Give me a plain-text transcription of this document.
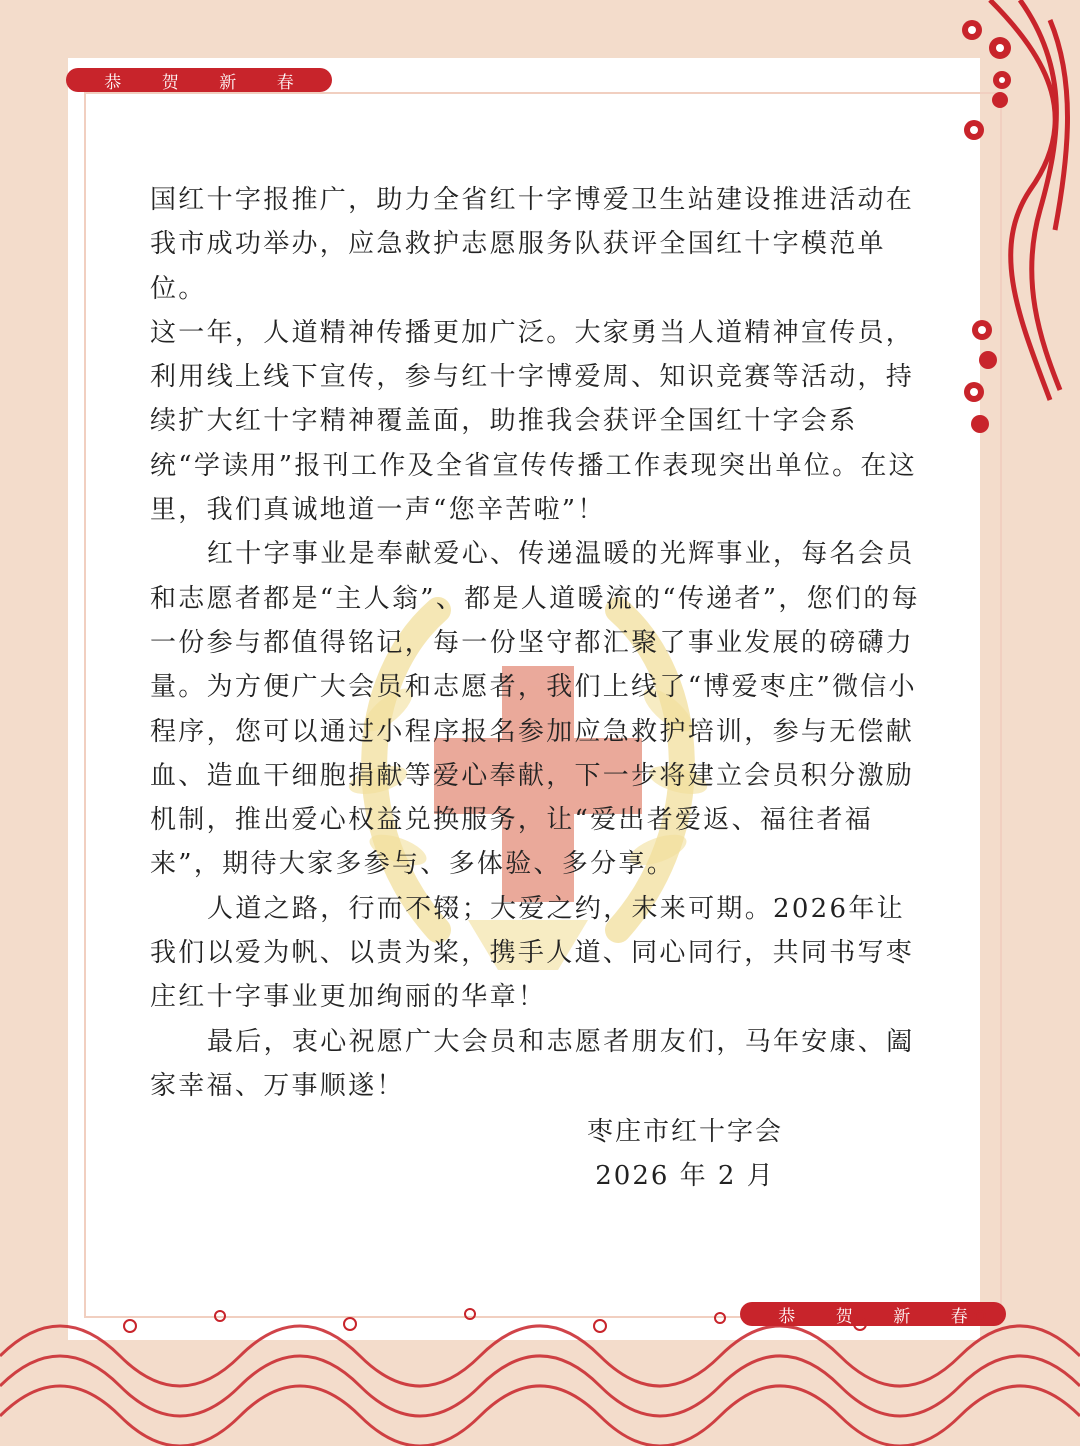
恭 贺 新 春

国红十字报推广，助力全省红十字博爱卫生站建设推进活动在我市成功举办，应急救护志愿服务队获评全国红十字模范单位。

这一年，人道精神传播更加广泛。大家勇当人道精神宣传员，利用线上线下宣传，参与红十字博爱周、知识竞赛等活动，持续扩大红十字精神覆盖面，助推我会获评全国红十字会系统“学读用”报刊工作及全省宣传传播工作表现突出单位。在这里，我们真诚地道一声“您辛苦啦”！

红十字事业是奉献爱心、传递温暖的光辉事业，每名会员和志愿者都是“主人翁”、都是人道暖流的“传递者”，您们的每一份参与都值得铭记，每一份坚守都汇聚了事业发展的磅礴力量。为方便广大会员和志愿者，我们上线了“博爱枣庄”微信小程序，您可以通过小程序报名参加应急救护培训，参与无偿献血、造血干细胞捐献等爱心奉献，下一步将建立会员积分激励机制，推出爱心权益兑换服务，让“爱出者爱返、福往者福来”，期待大家多参与、多体验、多分享。

人道之路，行而不辍；大爱之约，未来可期。2026年让我们以爱为帆、以责为桨，携手人道、同心同行，共同书写枣庄红十字事业更加绚丽的华章！

最后，衷心祝愿广大会员和志愿者朋友们，马年安康、阖家幸福、万事顺遂！

枣庄市红十字会
2026 年 2 月
恭 贺 新 春
